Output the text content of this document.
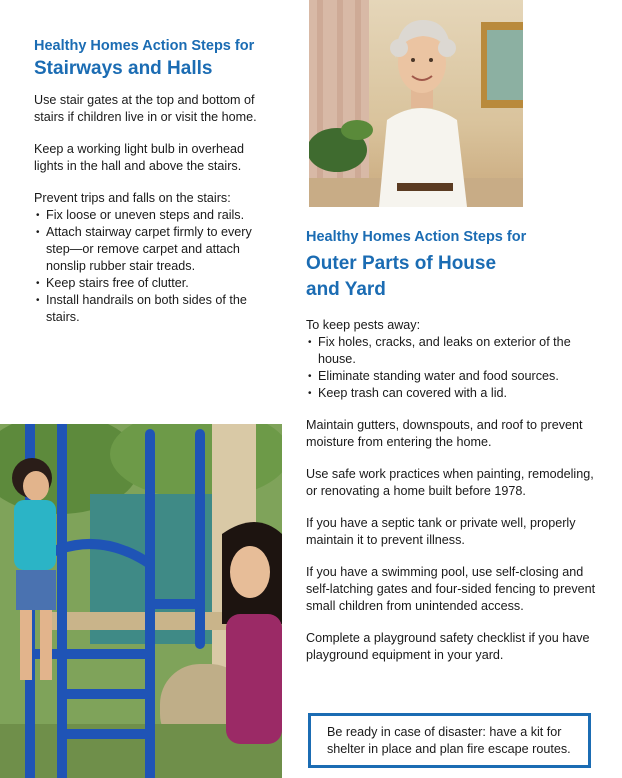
Healthy Homes Action Steps for
Stairways and Halls

Use stair gates at the top and bottom of stairs if children live in or visit the home.

Keep a working light bulb in overhead lights in the hall and above the stairs.

Prevent trips and falls on the stairs:

• Fix loose or uneven steps and rails.
• Attach stairway carpet firmly to every step—or remove carpet and attach nonslip rubber stair treads.
• Keep stairs free of clutter.
• Install handrails on both sides of the stairs.
Healthy Homes Action Steps for
Outer Parts of House
and Yard

To keep pests away:

• Fix holes, cracks, and leaks on exterior of the house.
• Eliminate standing water and food sources.
• Keep trash can covered with a lid.

Maintain gutters, downspouts, and roof to prevent moisture from entering the home.

Use safe work practices when painting, remodeling, or renovating a home built before 1978.

If you have a septic tank or private well, properly maintain it to prevent illness.

If you have a swimming pool, use self-closing and self-latching gates and four-sided fencing to prevent small children from unintended access.

Complete a playground safety checklist if you have playground equipment in your yard.

Be ready in case of disaster: have a kit for shelter in place and plan fire escape routes.
